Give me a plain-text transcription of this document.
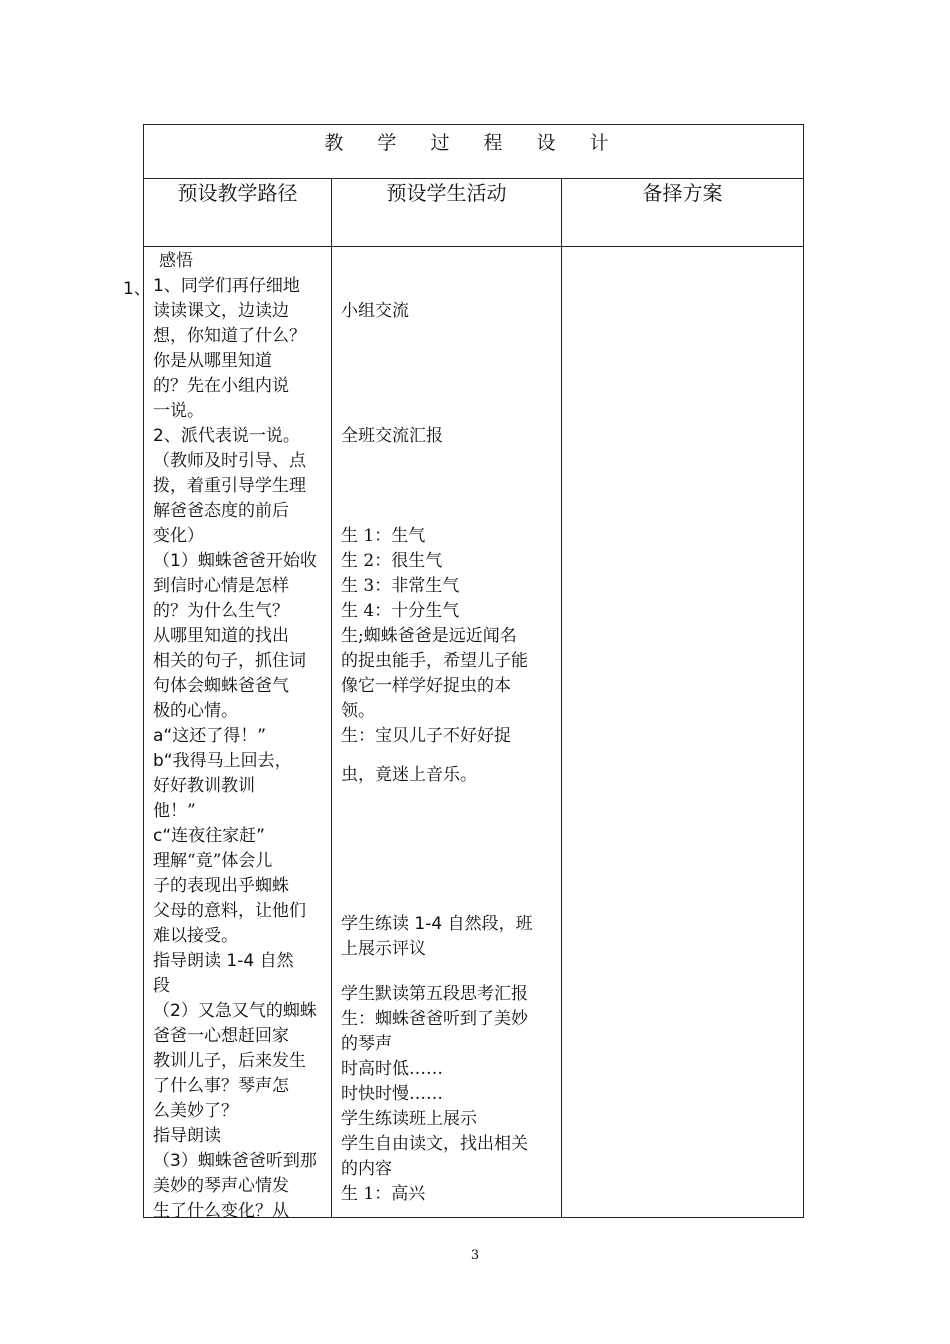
教 学 过 程 设 计
预设教学路径	预设学生活动	备择方案

感悟

1、同学们再仔细地

读读课文，边读边

想，你知道了什么？

你是从哪里知道

的？先在小组内说

一说。

2、派代表说一说。

（教师及时引导、点

拨，着重引导学生理

解爸爸态度的前后

变化）

（1）蜘蛛爸爸开始收

到信时心情是怎样

的？为什么生气？

从哪里知道的找出

相关的句子，抓住词

句体会蜘蛛爸爸气

极的心情。

a“这还了得！”

b“我得马上回去，

好好教训教训

他！”

c“连夜往家赶”

理解“竟”体会儿

子的表现出乎蜘蛛

父母的意料，让他们

难以接受。

指导朗读 1-4 自然

段

（2）又急又气的蜘蛛

爸爸一心想赶回家

教训儿子，后来发生

了什么事？琴声怎

么美妙了？

指导朗读

（3）蜘蛛爸爸听到那

美妙的琴声心情发

生了什么变化？从

小组交流

全班交流汇报

生 1：生气

生 2：很生气

生 3：非常生气

生 4：十分生气

生;蜘蛛爸爸是远近闻名

的捉虫能手，希望儿子能

像它一样学好捉虫的本

领。

生：宝贝儿子不好好捉

虫，竟迷上音乐。

学生练读 1-4 自然段，班

上展示评议

学生默读第五段思考汇报

生：蜘蛛爸爸听到了美妙

的琴声

时高时低……

时快时慢……

学生练读班上展示

学生自由读文，找出相关

的内容

生 1：高兴

1、
3
